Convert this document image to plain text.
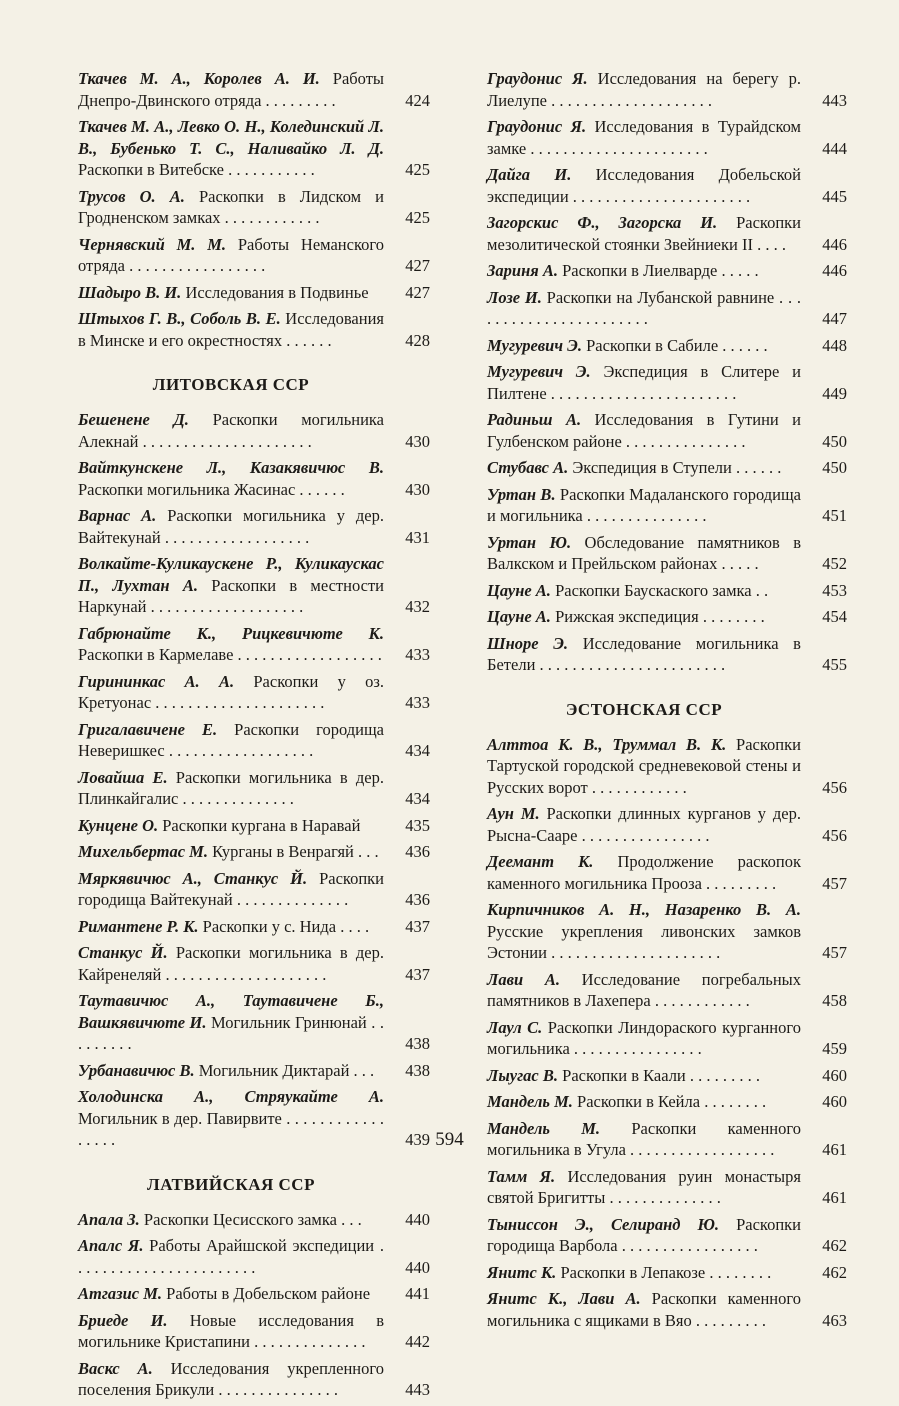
Ткачев М. А., Королев А. И. Работы Днепро-Двинского отряда . . . . . . . . .	424
Ткачев М. А., Левко О. Н., Колединский Л. В., Бубенько Т. С., Наливайко Л. Д. Раскопки в Витебске . . . . . . . . . . .	425
Трусов О. А. Раскопки в Лидском и Гродненском замках . . . . . . . . . . . .	425
Чернявский М. М. Работы Неманского отряда . . . . . . . . . . . . . . . . .	427
Шадыро В. И. Исследования в Подвинье 427
Штыхов Г. В., Соболь В. Е. Исследования в Минске и его окрестностях . . . . . .	428
ЛИТОВСКАЯ ССР
Бешенене Д. Раскопки могильника Алекнай . . . . . . . . . . . . . . . . . . . . .	430
Вайткунскене Л., Казакявичюс В. Раскопки могильника Жасинас . . . . . .	430
Варнас А. Раскопки могильника у дер. Вайтекунай . . . . . . . . . . . . . . . . . .	431
Волкайте-Куликаускене Р., Куликаускас П., Лухтан А. Раскопки в местности Наркунай . . . . . . . . . . . . . . . . . . .	432
Габрюнайте К., Рицкевичюте К. Раскопки в Кармелаве . . . . . . . . . . . . . . . . . . 433
Гирининкас А. А. Раскопки у оз. Кретуонас . . . . . . . . . . . . . . . . . . . . .	433
Григалавичене Е. Раскопки городища Неверишкес . . . . . . . . . . . . . . . . . .	434
Ловайша Е. Раскопки могильника в дер. Плинкайгалис . . . . . . . . . . . . . .	434
Кунцене О. Раскопки кургана в Наравай	435
Михельбертас М. Курганы в Венрагяй . . . 436
Мяркявичюс А., Станкус Й. Раскопки городища Вайтекунай . . . . . . . . . . . . . .	436
Римантене Р. К. Раскопки у с. Нида . . . . 437
Станкус Й. Раскопки могильника в дер. Кайренеляй . . . . . . . . . . . . . . . . . . . .	437
Таутавичюс А., Таутавичене Б., Вашкявичюте И. Могильник Гринюнай . . . . . . . . .	438
Урбанавичюс В. Могильник Диктарай . . . 438
Холодинска А., Стряукайте А. Могильник в дер. Павирвите . . . . . . . . . . . . . . . . .	439
ЛАТВИЙСКАЯ ССР
Апала З. Раскопки Цесисского замка . . .	440
Апалс Я. Работы Арайшской экспедиции . . . . . . . . . . . . . . . . . . . . . . .	440
Атгазис М. Работы в Добельском районе 441
Бриеде И. Новые исследования в могильнике Кристапини . . . . . . . . . . . . . . 442
Васкс А. Исследования укрепленного поселения Брикули . . . . . . . . . . . . . . .	443
Граудонис Я. Исследования на берегу р. Лиелупе . . . . . . . . . . . . . . . . . . . .	443
Граудонис Я. Исследования в Турайдском замке . . . . . . . . . . . . . . . . . . . . . .	444
Дайга И. Исследования Добельской экспедиции . . . . . . . . . . . . . . . . . . . . . .	445
Загорскис Ф., Загорска И. Раскопки мезолитической стоянки Звейниеки II . . . . 446
Зариня А. Раскопки в Лиелварде . . . . .	446
Лозе И. Раскопки на Лубанской равнине . . . . . . . . . . . . . . . . . . . . . . .	447
Мугуревич Э. Раскопки в Сабиле . . . . . .	448
Мугуревич Э. Экспедиция в Слитере и Пилтене . . . . . . . . . . . . . . . . . . . . . . .	449
Радиньш А. Исследования в Гутини и Гулбенском районе . . . . . . . . . . . . . . .	450
Стубавс А. Экспедиция в Ступели . . . . . . 450
Уртан В. Раскопки Мадаланского городища и могильника . . . . . . . . . . . . . . .	451
Уртан Ю. Обследование памятников в Валкском и Прейльском районах . . . . .	452
Цауне А. Раскопки Баускаского замка . .	453
Цауне А. Рижская экспедиция . . . . . . . .	454
Шноре Э. Исследование могильника в Бетели . . . . . . . . . . . . . . . . . . . . . . .	455
ЭСТОНСКАЯ ССР
Алттоа К. В., Труммал В. К. Раскопки Тартуской городской средневековой стены и Русских ворот . . . . . . . . . . . .	456
Аун М. Раскопки длинных курганов у дер. Рысна-Сааре . . . . . . . . . . . . . . . .	456
Деемант К. Продолжение раскопок каменного могильника Прооза . . . . . . . . .	457
Кирпичников А. Н., Назаренко В. А. Русские укрепления ливонских замков Эстонии . . . . . . . . . . . . . . . . . . . . .	457
Лави А. Исследование погребальных памятников в Лахепера . . . . . . . . . . . .	458
Лаул С. Раскопки Линдораского курганного могильника . . . . . . . . . . . . . . . .	459
Лыугас В. Раскопки в Каали . . . . . . . . .	460
Мандель М. Раскопки в Кейла . . . . . . . .	460
Мандель М. Раскопки каменного могильника в Угула . . . . . . . . . . . . . . . . . .	461
Тамм Я. Исследования руин монастыря святой Бригитты . . . . . . . . . . . . . .	461
Тыниссон Э., Селиранд Ю. Раскопки городища Варбола . . . . . . . . . . . . . . . . .	462
Янитс К. Раскопки в Лепакозе . . . . . . . .	462
Янитс К., Лави А. Раскопки каменного могильника с ящиками в Вяо . . . . . . . . .	463
594
